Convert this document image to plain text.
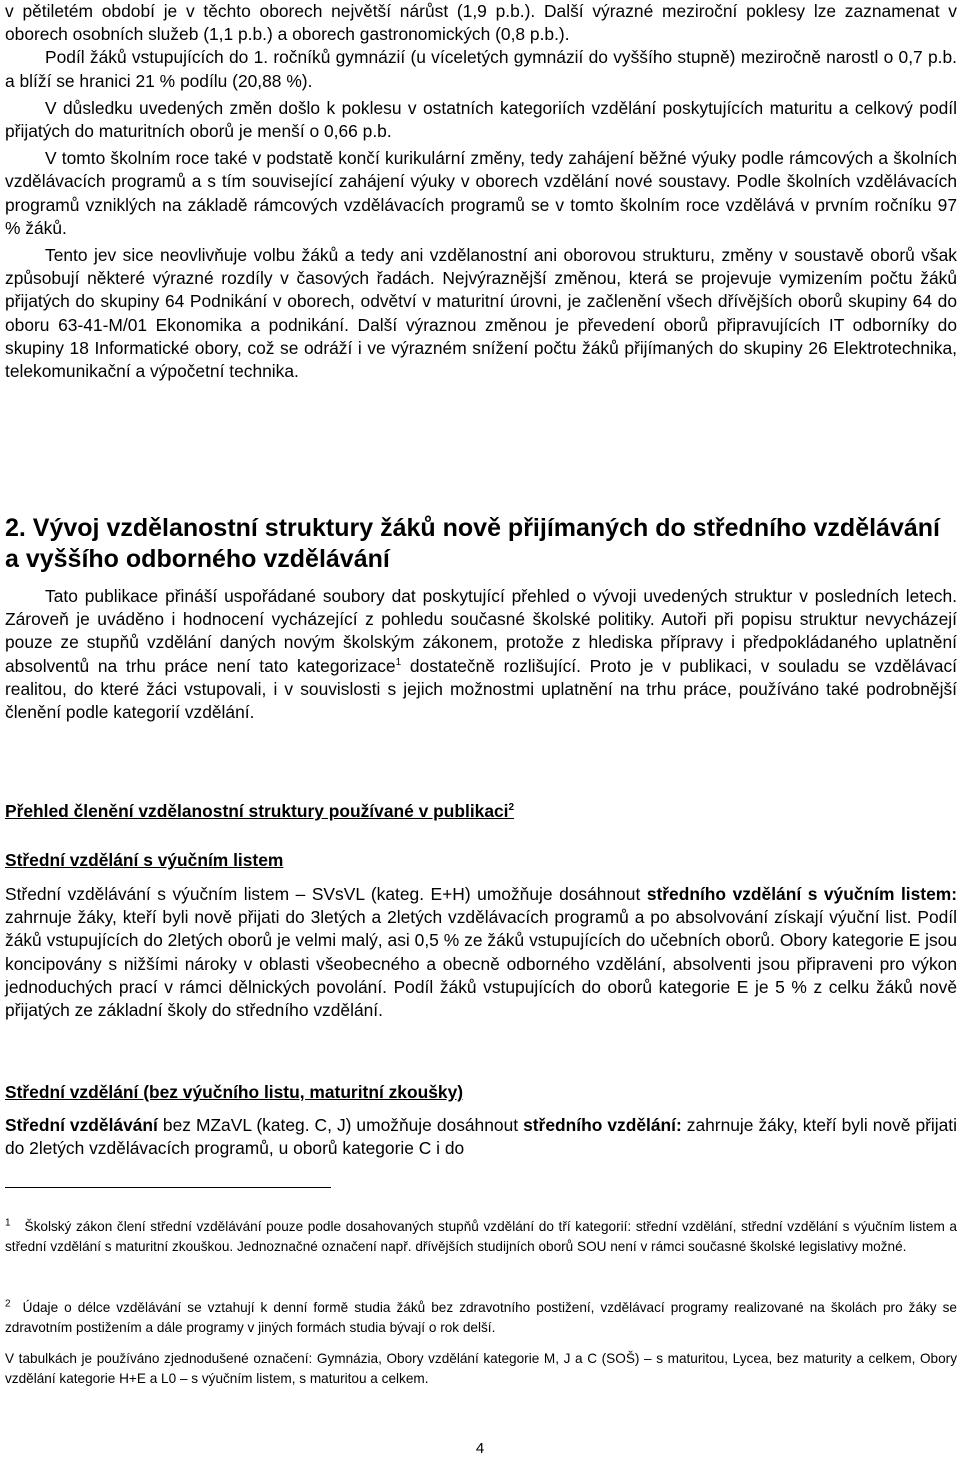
v pětiletém období je v těchto oborech největší nárůst (1,9 p.b.). Další výrazné meziroční poklesy lze zaznamenat v oborech osobních služeb (1,1 p.b.) a oborech gastronomických (0,8 p.b.).

Podíl žáků vstupujících do 1. ročníků gymnázií (u víceletých gymnázií do vyššího stupně) meziročně narostl o 0,7 p.b. a blíží se hranici 21 % podílu (20,88 %).

V důsledku uvedených změn došlo k poklesu v ostatních kategoriích vzdělání poskytujících maturitu a celkový podíl přijatých do maturitních oborů je menší o 0,66 p.b.

V tomto školním roce také v podstatě končí kurikulární změny, tedy zahájení běžné výuky podle rámcových a školních vzdělávacích programů a s tím související zahájení výuky v oborech vzdělání nové soustavy. Podle školních vzdělávacích programů vzniklých na základě rámcových vzdělávacích programů se v tomto školním roce vzdělává v prvním ročníku 97 % žáků.

Tento jev sice neovlivňuje volbu žáků a tedy ani vzdělanostní ani oborovou strukturu, změny v soustavě oborů však způsobují některé výrazné rozdíly v časových řadách. Nejvýraznější změnou, která se projevuje vymizením počtu žáků přijatých do skupiny 64 Podnikání v oborech, odvětví v maturitní úrovni, je začlenění všech dřívějších oborů skupiny 64 do oboru 63-41-M/01 Ekonomika a podnikání. Další výraznou změnou je převedení oborů připravujících IT odborníky do skupiny 18 Informatické obory, což se odráží i ve výrazném snížení počtu žáků přijímaných do skupiny 26 Elektrotechnika, telekomunikační a výpočetní technika.

2. Vývoj vzdělanostní struktury žáků nově přijímaných do středního vzdělávání a vyššího odborného vzdělávání

Tato publikace přináší uspořádané soubory dat poskytující přehled o vývoji uvedených struktur v posledních letech. Zároveň je uváděno i hodnocení vycházející z pohledu současné školské politiky. Autoři při popisu struktur nevycházejí pouze ze stupňů vzdělání daných novým školským zákonem, protože z hlediska přípravy i předpokládaného uplatnění absolventů na trhu práce není tato kategorizace$^1$ dostatečně rozlišující. Proto je v publikaci, v souladu se vzdělávací realitou, do které žáci vstupovali, i v souvislosti s jejich možnostmi uplatnění na trhu práce, používáno také podrobnější členění podle kategorií vzdělání.

Přehled členění vzdělanostní struktury používané v publikaci$^2$

Střední vzdělání s výučním listem

Střední vzdělávání s výučním listem – SVsVL (kateg. E+H) umožňuje dosáhnout středního vzdělání s výučním listem: zahrnuje žáky, kteří byli nově přijati do 3letých a 2letých vzdělávacích programů a po absolvování získají výuční list. Podíl žáků vstupujících do 2letých oborů je velmi malý, asi 0,5 % ze žáků vstupujících do učebních oborů. Obory kategorie E jsou koncipovány s nižšími nároky v oblasti všeobecného a obecně odborného vzdělání, absolventi jsou připraveni pro výkon jednoduchých prací v rámci dělnických povolání. Podíl žáků vstupujících do oborů kategorie E je 5 % z celku žáků nově přijatých ze základní školy do středního vzdělání.

Střední vzdělání (bez výučního listu, maturitní zkoušky)

Střední vzdělávání bez MZaVL (kateg. C, J) umožňuje dosáhnout středního vzdělání: zahrnuje žáky, kteří byli nově přijati do 2letých vzdělávacích programů, u oborů kategorie C i do

$^1$ Školský zákon člení střední vzdělávání pouze podle dosahovaných stupňů vzdělání do tří kategorií: střední vzdělání, střední vzdělání s výučním listem a střední vzdělání s maturitní zkouškou. Jednoznačné označení např. dřívějších studijních oborů SOU není v rámci současné školské legislativy možné.
$^2$ Údaje o délce vzdělávání se vztahují k denní formě studia žáků bez zdravotního postižení, vzdělávací programy realizované na školách pro žáky se zdravotním postižením a dále programy v jiných formách studia bývají o rok delší.
V tabulkách je používáno zjednodušené označení: Gymnázia, Obory vzdělání kategorie M, J a C (SOŠ) – s maturitou, Lycea, bez maturity a celkem, Obory vzdělání kategorie H+E a L0 – s výučním listem, s maturitou a celkem.
4
